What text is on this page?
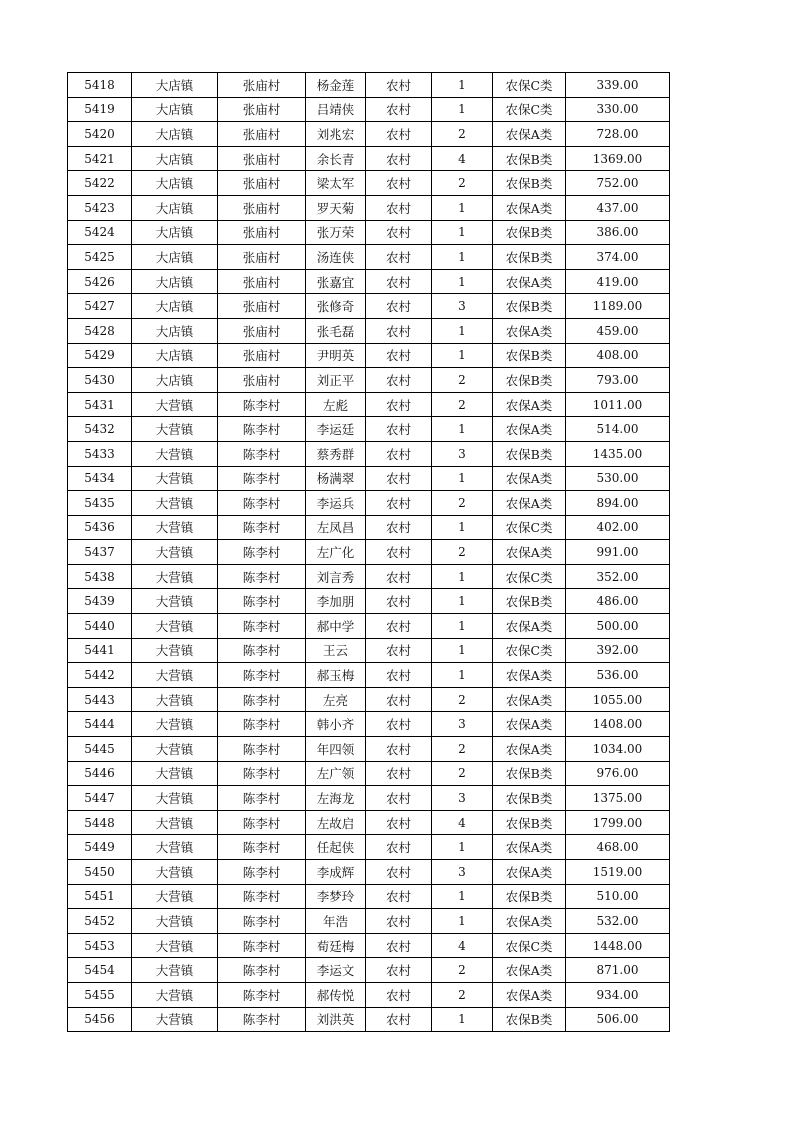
5418	大店镇	张庙村	杨金莲	农村	1	农保C类	339.00
5419	大店镇	张庙村	吕靖侠	农村	1	农保C类	330.00
5420	大店镇	张庙村	刘兆宏	农村	2	农保A类	728.00
5421	大店镇	张庙村	余长青	农村	4	农保B类	1369.00
5422	大店镇	张庙村	梁太军	农村	2	农保B类	752.00
5423	大店镇	张庙村	罗天菊	农村	1	农保A类	437.00
5424	大店镇	张庙村	张万荣	农村	1	农保B类	386.00
5425	大店镇	张庙村	汤连侠	农村	1	农保B类	374.00
5426	大店镇	张庙村	张嘉宜	农村	1	农保A类	419.00
5427	大店镇	张庙村	张修奇	农村	3	农保B类	1189.00
5428	大店镇	张庙村	张毛磊	农村	1	农保A类	459.00
5429	大店镇	张庙村	尹明英	农村	1	农保B类	408.00
5430	大店镇	张庙村	刘正平	农村	2	农保B类	793.00
5431	大营镇	陈李村	左彪	农村	2	农保A类	1011.00
5432	大营镇	陈李村	李运廷	农村	1	农保A类	514.00
5433	大营镇	陈李村	蔡秀群	农村	3	农保B类	1435.00
5434	大营镇	陈李村	杨满翠	农村	1	农保A类	530.00
5435	大营镇	陈李村	李运兵	农村	2	农保A类	894.00
5436	大营镇	陈李村	左凤昌	农村	1	农保C类	402.00
5437	大营镇	陈李村	左广化	农村	2	农保A类	991.00
5438	大营镇	陈李村	刘言秀	农村	1	农保C类	352.00
5439	大营镇	陈李村	李加朋	农村	1	农保B类	486.00
5440	大营镇	陈李村	郝中学	农村	1	农保A类	500.00
5441	大营镇	陈李村	王云	农村	1	农保C类	392.00
5442	大营镇	陈李村	郝玉梅	农村	1	农保A类	536.00
5443	大营镇	陈李村	左亮	农村	2	农保A类	1055.00
5444	大营镇	陈李村	韩小齐	农村	3	农保A类	1408.00
5445	大营镇	陈李村	年四领	农村	2	农保A类	1034.00
5446	大营镇	陈李村	左广领	农村	2	农保B类	976.00
5447	大营镇	陈李村	左海龙	农村	3	农保B类	1375.00
5448	大营镇	陈李村	左故启	农村	4	农保B类	1799.00
5449	大营镇	陈李村	任起侠	农村	1	农保A类	468.00
5450	大营镇	陈李村	李成辉	农村	3	农保A类	1519.00
5451	大营镇	陈李村	李梦玲	农村	1	农保B类	510.00
5452	大营镇	陈李村	年浩	农村	1	农保A类	532.00
5453	大营镇	陈李村	荀廷梅	农村	4	农保C类	1448.00
5454	大营镇	陈李村	李运文	农村	2	农保A类	871.00
5455	大营镇	陈李村	郝传悦	农村	2	农保A类	934.00
5456	大营镇	陈李村	刘洪英	农村	1	农保B类	506.00
